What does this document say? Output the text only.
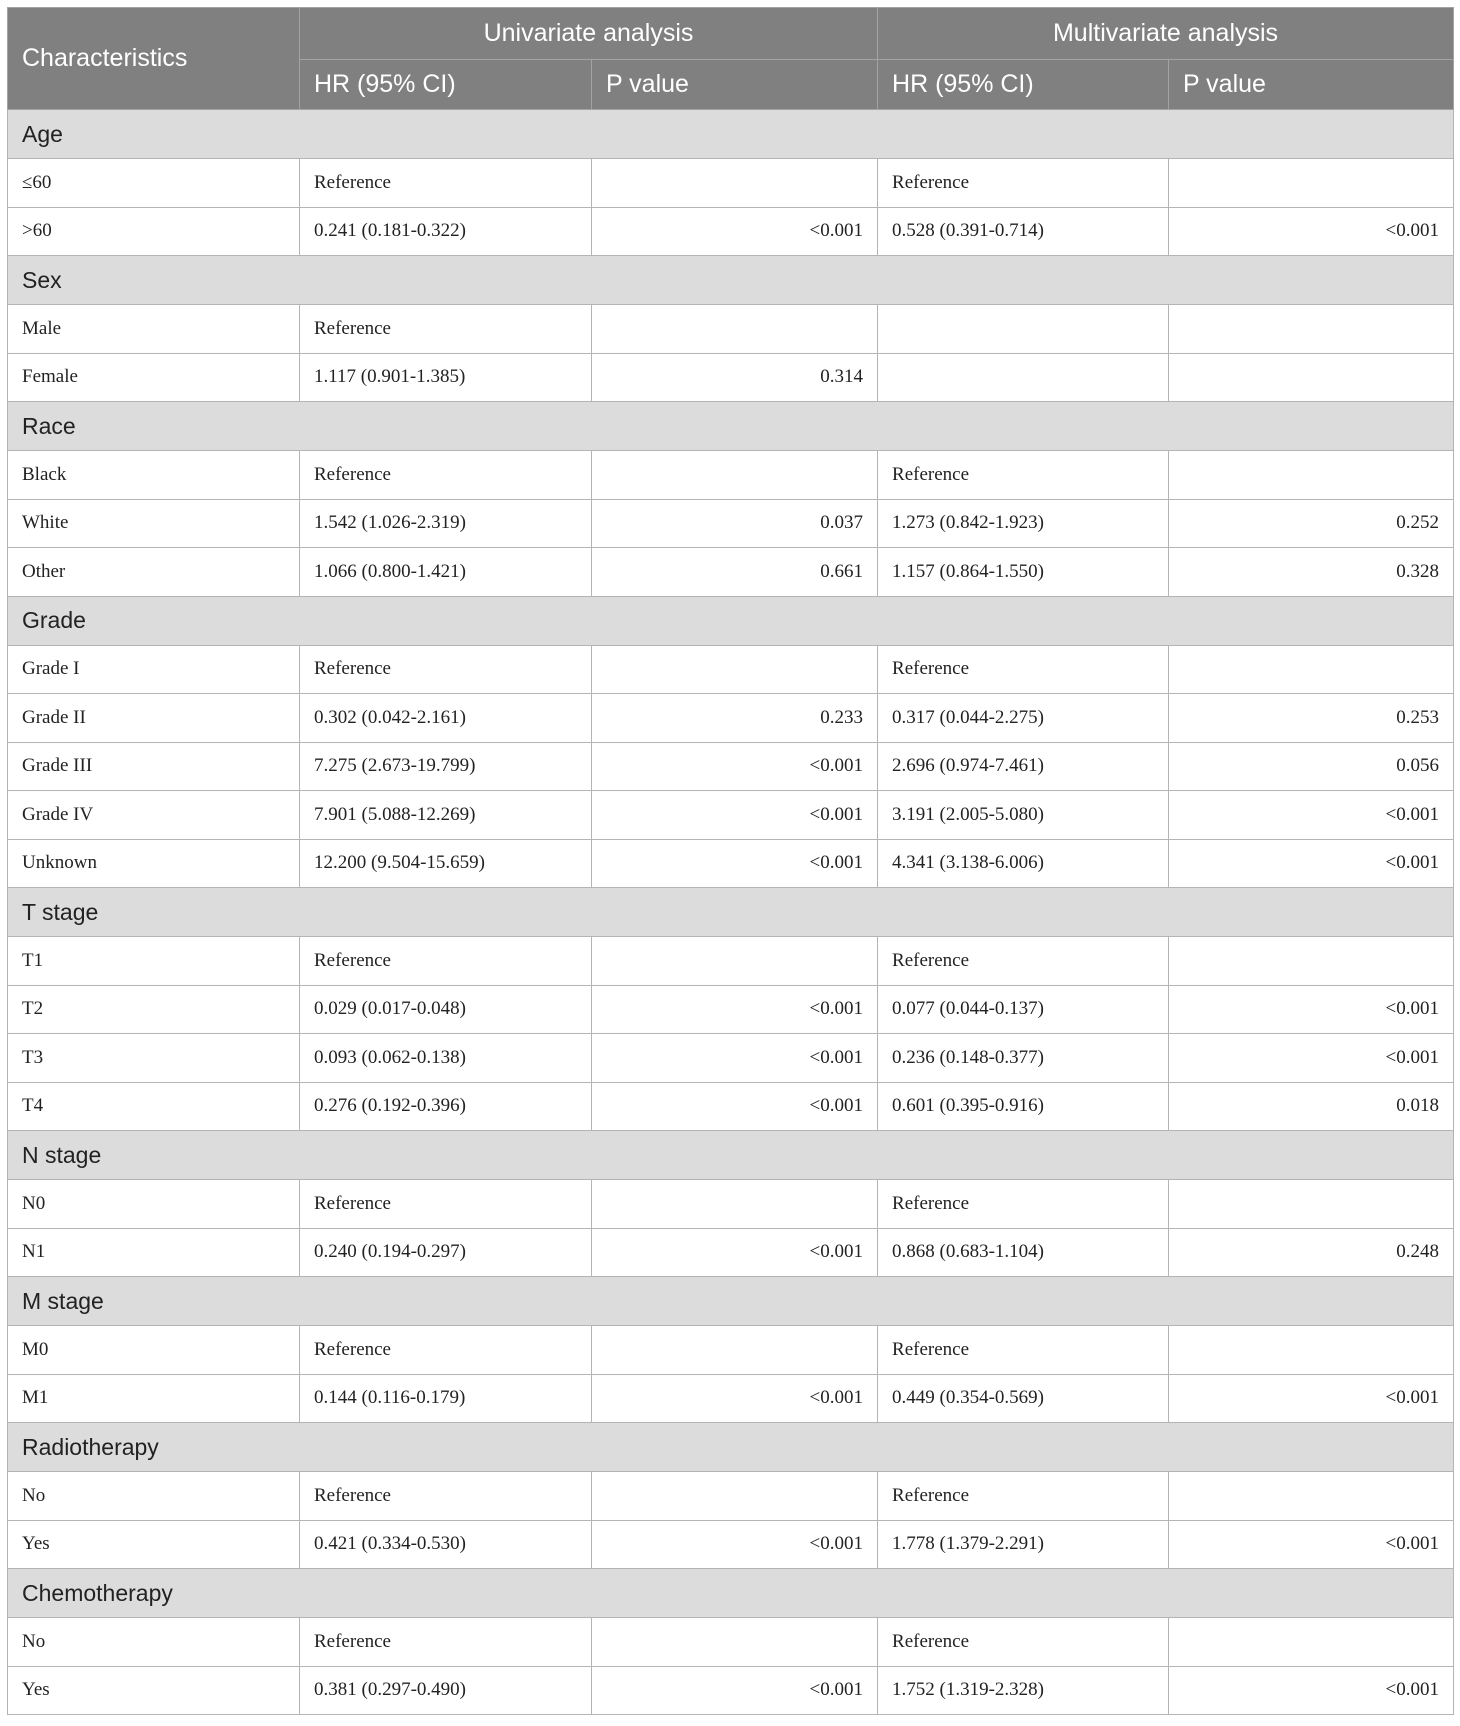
Characteristics	Univariate analysis		Multivariate analysis	
	HR (95% CI)	P value	HR (95% CI)	P value
Age				
≤60	Reference		Reference	
>60	0.241 (0.181-0.322)	<0.001	0.528 (0.391-0.714)	<0.001
Sex				
Male	Reference			
Female	1.117 (0.901-1.385)	0.314		
Race				
Black	Reference		Reference	
White	1.542 (1.026-2.319)	0.037	1.273 (0.842-1.923)	0.252
Other	1.066 (0.800-1.421)	0.661	1.157 (0.864-1.550)	0.328
Grade				
Grade I	Reference		Reference	
Grade II	0.302 (0.042-2.161)	0.233	0.317 (0.044-2.275)	0.253
Grade III	7.275 (2.673-19.799)	<0.001	2.696 (0.974-7.461)	0.056
Grade IV	7.901 (5.088-12.269)	<0.001	3.191 (2.005-5.080)	<0.001
Unknown	12.200 (9.504-15.659)	<0.001	4.341 (3.138-6.006)	<0.001
T stage				
T1	Reference		Reference	
T2	0.029 (0.017-0.048)	<0.001	0.077 (0.044-0.137)	<0.001
T3	0.093 (0.062-0.138)	<0.001	0.236 (0.148-0.377)	<0.001
T4	0.276 (0.192-0.396)	<0.001	0.601 (0.395-0.916)	0.018
N stage				
N0	Reference		Reference	
N1	0.240 (0.194-0.297)	<0.001	0.868 (0.683-1.104)	0.248
M stage				
M0	Reference		Reference	
M1	0.144 (0.116-0.179)	<0.001	0.449 (0.354-0.569)	<0.001
Radiotherapy				
No	Reference		Reference	
Yes	0.421 (0.334-0.530)	<0.001	1.778 (1.379-2.291)	<0.001
Chemotherapy				
No	Reference		Reference	
Yes	0.381 (0.297-0.490)	<0.001	1.752 (1.319-2.328)	<0.001
